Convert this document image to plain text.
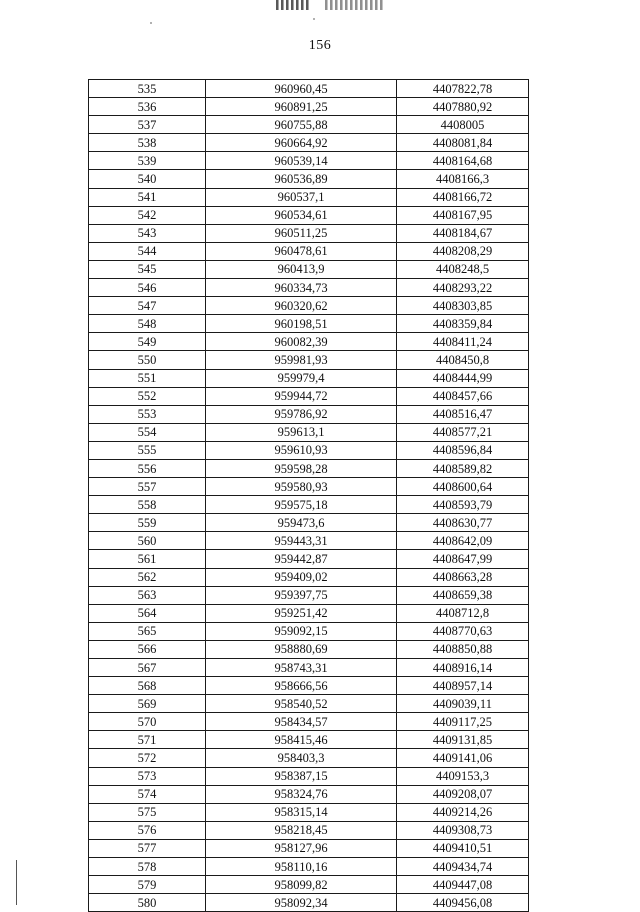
156
535	960960,45	4407822,78
536	960891,25	4407880,92
537	960755,88	4408005
538	960664,92	4408081,84
539	960539,14	4408164,68
540	960536,89	4408166,3
541	960537,1	4408166,72
542	960534,61	4408167,95
543	960511,25	4408184,67
544	960478,61	4408208,29
545	960413,9	4408248,5
546	960334,73	4408293,22
547	960320,62	4408303,85
548	960198,51	4408359,84
549	960082,39	4408411,24
550	959981,93	4408450,8
551	959979,4	4408444,99
552	959944,72	4408457,66
553	959786,92	4408516,47
554	959613,1	4408577,21
555	959610,93	4408596,84
556	959598,28	4408589,82
557	959580,93	4408600,64
558	959575,18	4408593,79
559	959473,6	4408630,77
560	959443,31	4408642,09
561	959442,87	4408647,99
562	959409,02	4408663,28
563	959397,75	4408659,38
564	959251,42	4408712,8
565	959092,15	4408770,63
566	958880,69	4408850,88
567	958743,31	4408916,14
568	958666,56	4408957,14
569	958540,52	4409039,11
570	958434,57	4409117,25
571	958415,46	4409131,85
572	958403,3	4409141,06
573	958387,15	4409153,3
574	958324,76	4409208,07
575	958315,14	4409214,26
576	958218,45	4409308,73
577	958127,96	4409410,51
578	958110,16	4409434,74
579	958099,82	4409447,08
580	958092,34	4409456,08
